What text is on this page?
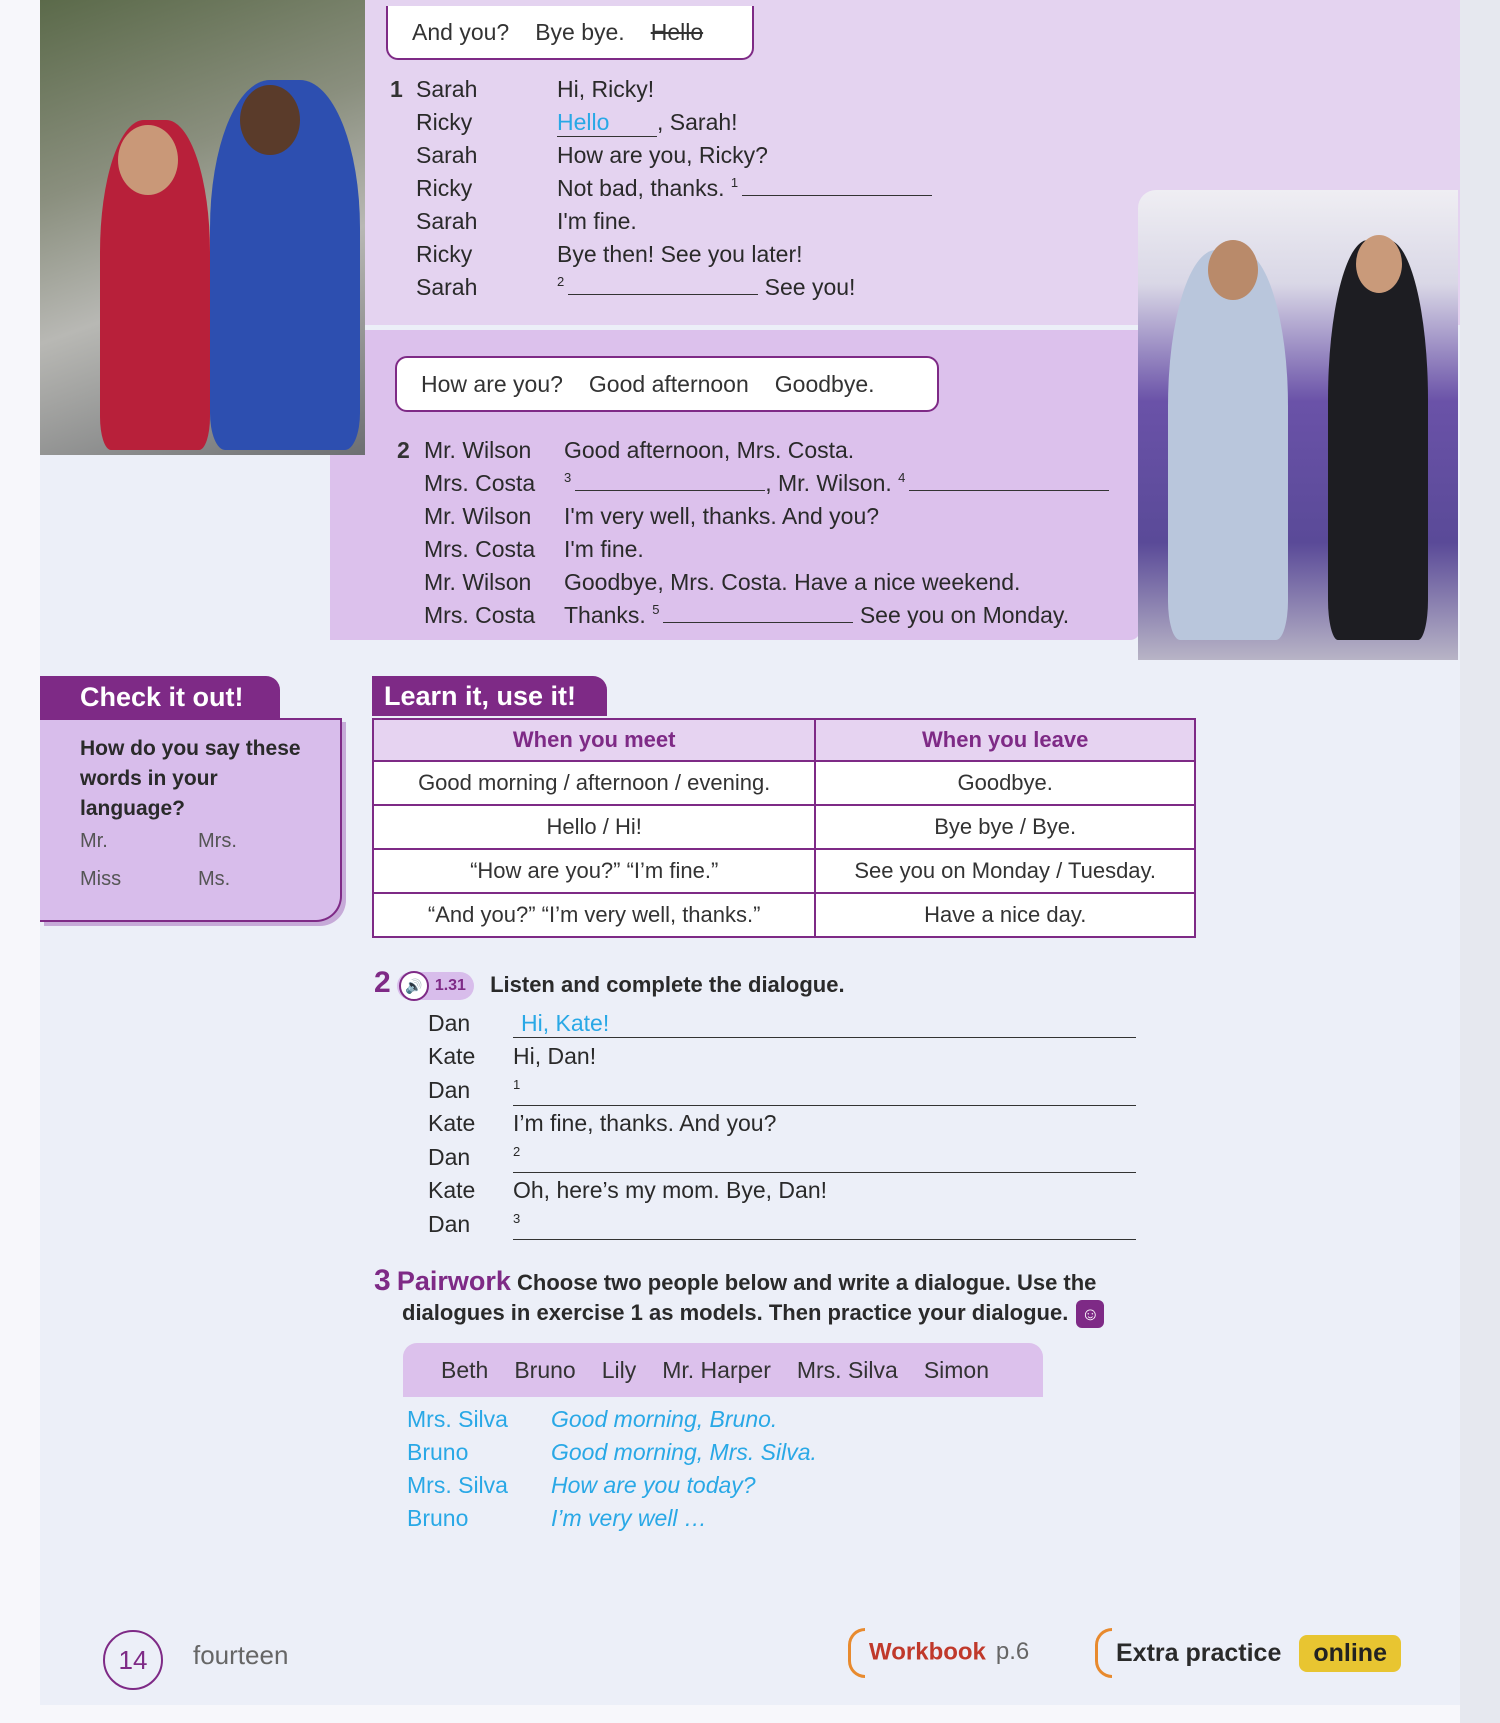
And you? Bye bye. Hello
1 Sarah	Hi, Ricky!
Ricky	Hello , Sarah!
Sarah	How are you, Ricky?
Ricky	Not bad, thanks. $^1$
Sarah	I'm fine.
Ricky	Bye then! See you later!
Sarah	$^2$	See you!
How are you? Good afternoon Goodbye.
2 Mr. Wilson Good afternoon, Mrs. Costa.
Mrs. Costa $^3$	, Mr. Wilson. $^4$
Mr. Wilson I'm very well, thanks. And you?
Mrs. Costa I'm fine.
Mr. Wilson Goodbye, Mrs. Costa. Have a nice weekend.
Mrs. Costa Thanks. $^5$	See you on Monday.
Check it out!
How do you say these words in your language?
Mr.	Mrs.
Miss	Ms.
Learn it, use it!
When you meet	When you leave
Good morning / afternoon / evening.	Goodbye.
Hello / Hi!	Bye bye / Bye.
“How are you?” “I’m fine.”	See you on Monday / Tuesday.
“And you?” “I’m very well, thanks.”	Have a nice day.
2	🔊 1.31 Listen and complete the dialogue.
Dan	Hi, Kate!
Kate Hi, Dan!
Dan	$^1$
Kate I’m fine, thanks. And you?
Dan	$^2$
Kate Oh, here’s my mom. Bye, Dan!
Dan	$^3$
3 Pairwork Choose two people below and write a dialogue. Use the
dialogues in exercise 1 as models. Then practice your dialogue. ☺
Beth Bruno Lily Mr. Harper Mrs. Silva Simon
Mrs. Silva Good morning, Bruno.
Bruno	Good morning, Mrs. Silva.
Mrs. Silva How are you today?
Bruno	I’m very well …
14	fourteen	Workbook p.6	Extra practice	online
